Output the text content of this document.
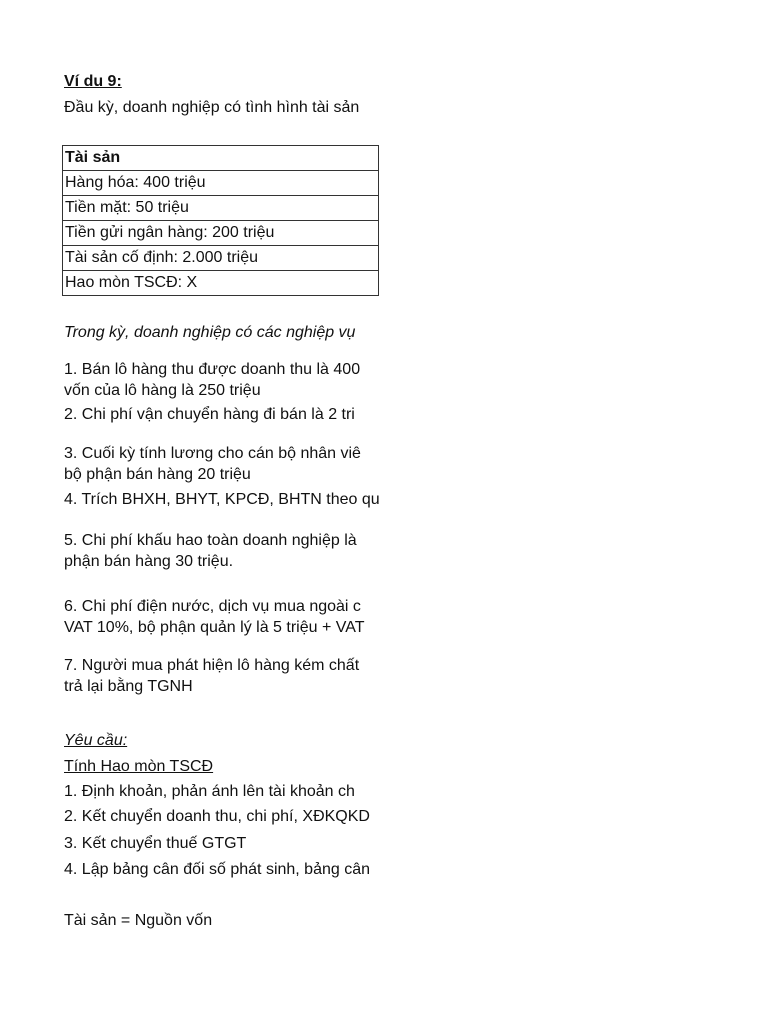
Ví du 9:
Đầu kỳ, doanh nghiệp có tình hình tài sản
Tài sản
Hàng hóa: 400 triệu
Tiền mặt: 50 triệu
Tiền gửi ngân hàng: 200 triệu
Tài sản cố định: 2.000 triệu
Hao mòn TSCĐ: X
Trong kỳ, doanh nghiệp có các nghiệp vụ
1. Bán lô hàng thu được doanh thu là 400
vốn của lô hàng là 250 triệu
2. Chi phí vận chuyển hàng đi bán là 2 tri
3. Cuối kỳ tính lương cho cán bộ nhân viê
bộ phận bán hàng 20 triệu
4. Trích BHXH, BHYT, KPCĐ, BHTN theo qu
5. Chi phí khấu hao toàn doanh nghiệp là
phận bán hàng 30 triệu.
6. Chi phí điện nước, dịch vụ mua ngoài c
VAT 10%, bộ phận quản lý là 5 triệu + VAT
7. Người mua phát hiện lô hàng kém chất
trả lại bằng TGNH
Yêu cầu:
Tính Hao mòn TSCĐ
1. Định khoản, phản ánh lên tài khoản ch
2. Kết chuyển doanh thu, chi phí, XĐKQKD
3. Kết chuyển thuế GTGT
4. Lập bảng cân đối số phát sinh, bảng cân
Tài sản = Nguồn vốn
